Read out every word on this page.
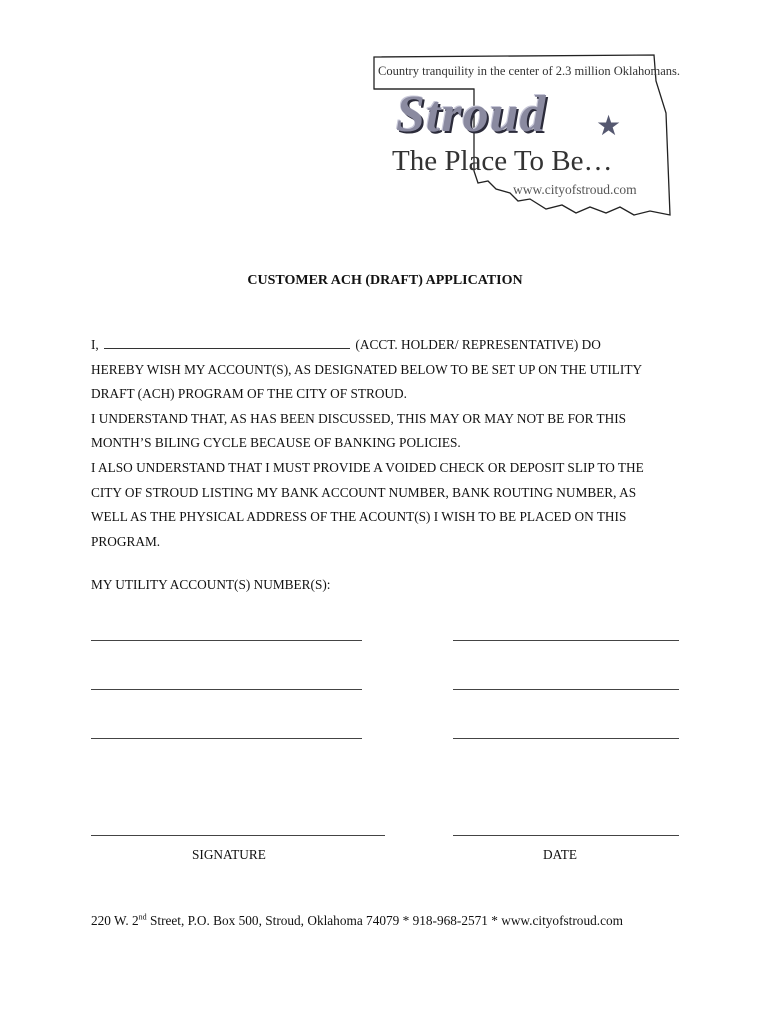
Country tranquility in the center of 2.3 million Oklahomans.
Stroud ★
The Place To Be…
www.cityofstroud.com
CUSTOMER ACH (DRAFT) APPLICATION

I,	(ACCT. HOLDER/ REPRESENTATIVE) DO

HEREBY WISH MY ACCOUNT(S), AS DESIGNATED BELOW TO BE SET UP ON THE UTILITY

DRAFT (ACH) PROGRAM OF THE CITY OF STROUD.

I UNDERSTAND THAT, AS HAS BEEN DISCUSSED, THIS MAY OR MAY NOT BE FOR THIS

MONTH’S BILING CYCLE BECAUSE OF BANKING POLICIES.

I ALSO UNDERSTAND THAT I MUST PROVIDE A VOIDED CHECK OR DEPOSIT SLIP TO THE

CITY OF STROUD LISTING MY BANK ACCOUNT NUMBER, BANK ROUTING NUMBER, AS

WELL AS THE PHYSICAL ADDRESS OF THE ACOUNT(S) I WISH TO BE PLACED ON THIS

PROGRAM.

MY UTILITY ACCOUNT(S) NUMBER(S):
SIGNATURE	DATE
220 W. 2nd Street, P.O. Box 500, Stroud, Oklahoma 74079 * 918-968-2571 * www.cityofstroud.com
